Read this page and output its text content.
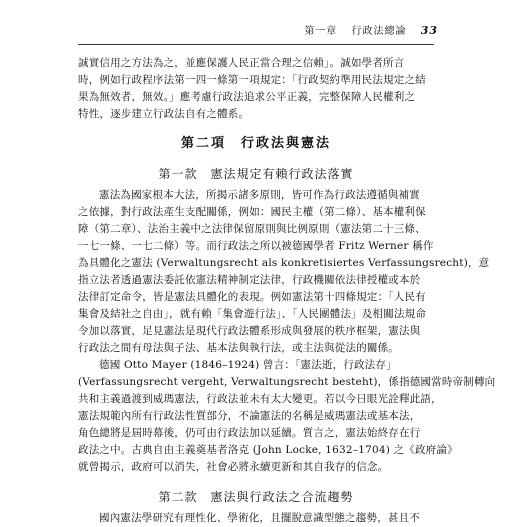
第一章 行政法總論 33
誠實信用之方法為之，並應保護人民正當合理之信賴」。誠如學者所言
時，例如行政程序法第一四一條第一項規定：「行政契約準用民法規定之結
果為無效者，無效。」應考慮行政法追求公平正義，完整保障人民權利之
特性，逐步建立行政法自有之體系。
第二項　行政法與憲法
第一款　憲法規定有賴行政法落實
憲法為國家根本大法，所揭示諸多原則，皆可作為行政法遵循與補實
之依據，對行政法產生支配關係，例如：國民主權（第二條）、基本權利保
障（第二章）、法治主義中之法律保留原則與比例原則（憲法第二十三條、
一七一條、一七二條）等。而行政法之所以被德國學者 Fritz Werner 稱作
為具體化之憲法 (Verwaltungsrecht als konkretisiertes Verfassungsrecht)，意
指立法者透過憲法委託依憲法精神制定法律，行政機關依法律授權或本於
法律訂定命令，皆是憲法具體化的表現。例如憲法第十四條規定：「人民有
集會及結社之自由」，就有賴「集會遊行法」、「人民團體法」及相關法規命
令加以落實，足見憲法是現代行政法體系形成與發展的秩序框架，憲法與
行政法之間有母法與子法、基本法與執行法，或主法與從法的關係。
德國 Otto Mayer (1846–1924) 曾言：「憲法逝，行政法存」
(Verfassungsrecht vergeht, Verwaltungsrecht besteht)，係指德國當時帝制轉向
共和主義過渡到威瑪憲法，行政法並未有太大變更。若以今日眼光詮釋此語，
憲法規範內所有行政法性質部分，不論憲法的名稱是威瑪憲法或基本法，
角色總將是屆時幕後，仍可由行政法加以延續。質言之，憲法始終存在行
政法之中。古典自由主義奠基者洛克 (John Locke, 1632–1704) 之《政府論》
就曾揭示，政府可以消失，社會必將永續更新和其自我存的信念。
第二款　憲法與行政法之合流趨勢
國內憲法學研究有理性化、學術化，且擺脫意識型態之趨勢，甚且不
